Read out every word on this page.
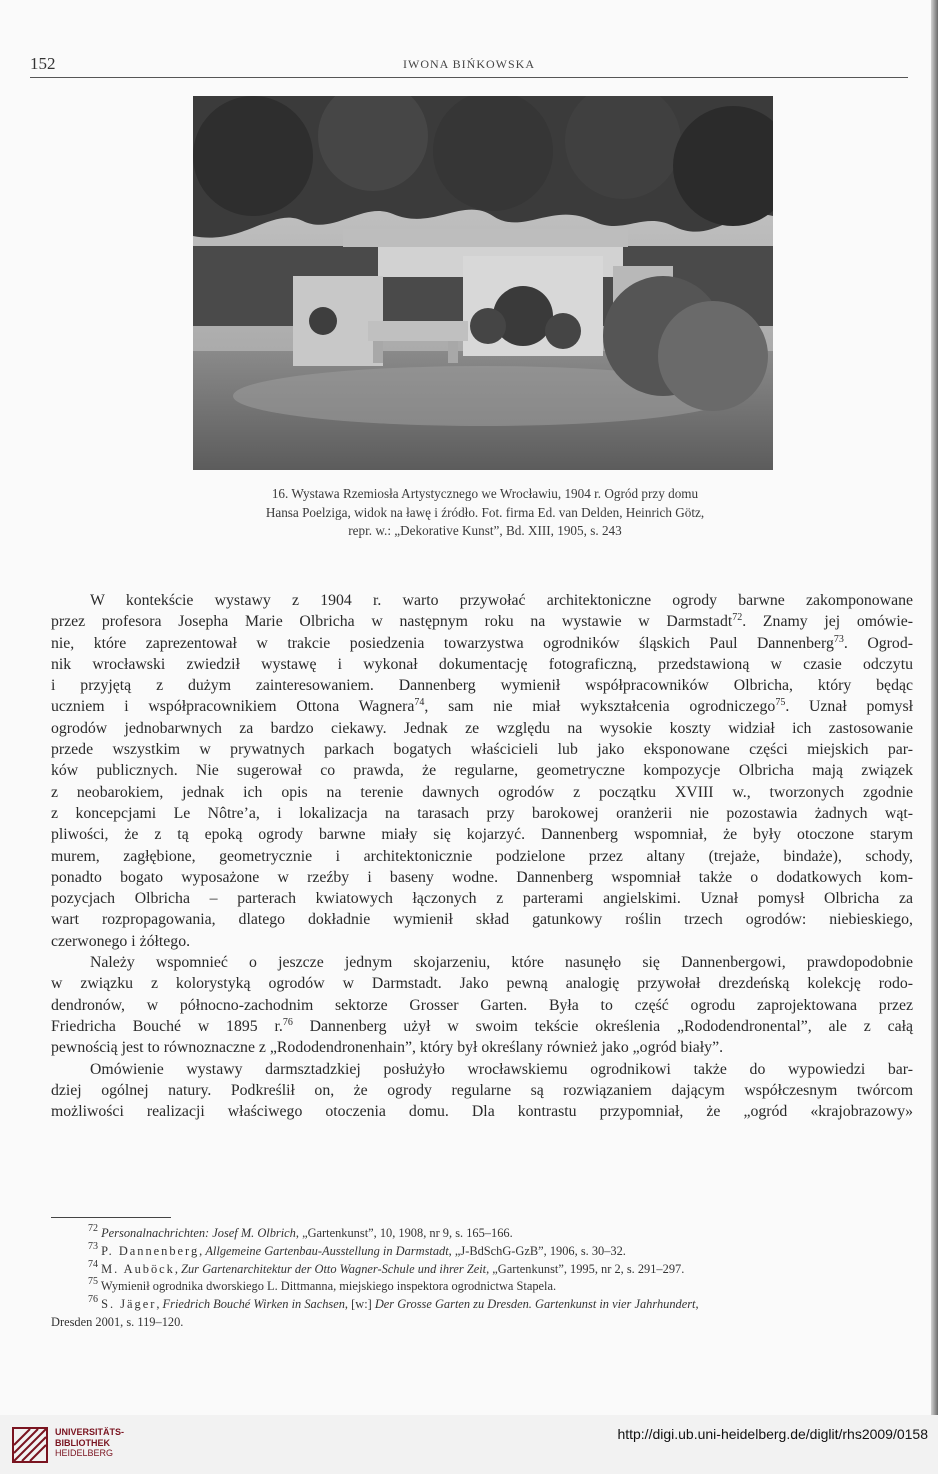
152	IWONA BIŃKOWSKA
16. Wystawa Rzemiosła Artystycznego we Wrocławiu, 1904 r. Ogród przy domu
Hansa Poelziga, widok na ławę i źródło. Fot. firma Ed. van Delden, Heinrich Götz,
repr. w.: „Dekorative Kunst”, Bd. XIII, 1905, s. 243
W kontekście wystawy z 1904 r. warto przywołać architektoniczne ogrody barwne zakomponowane
przez profesora Josepha Marie Olbricha w następnym roku na wystawie w Darmstadt$^{72}$. Znamy jej omówie-
nie, które zaprezentował w trakcie posiedzenia towarzystwa ogrodników śląskich Paul Dannenberg$^{73}$. Ogrod-
nik wrocławski zwiedził wystawę i wykonał dokumentację fotograficzną, przedstawioną w czasie odczytu
i przyjętą z dużym zainteresowaniem. Dannenberg wymienił współpracowników Olbricha, który będąc
uczniem i współpracownikiem Ottona Wagnera$^{74}$, sam nie miał wykształcenia ogrodniczego$^{75}$. Uznał pomysł
ogrodów jednobarwnych za bardzo ciekawy. Jednak ze względu na wysokie koszty widział ich zastosowanie
przede wszystkim w prywatnych parkach bogatych właścicieli lub jako eksponowane części miejskich par-
ków publicznych. Nie sugerował co prawda, że regularne, geometryczne kompozycje Olbricha mają związek
z neobarokiem, jednak ich opis na terenie dawnych ogrodów z początku XVIII w., tworzonych zgodnie
z koncepcjami Le Nôtre’a, i lokalizacja na tarasach przy barokowej oranżerii nie pozostawia żadnych wąt-
pliwości, że z tą epoką ogrody barwne miały się kojarzyć. Dannenberg wspomniał, że były otoczone starym
murem, zagłębione, geometrycznie i architektonicznie podzielone przez altany (trejaże, bindaże), schody,
ponadto bogato wyposażone w rzeźby i baseny wodne. Dannenberg wspomniał także o dodatkowych kom-
pozycjach Olbricha – parterach kwiatowych łączonych z parterami angielskimi. Uznał pomysł Olbricha za
wart rozpropagowania, dlatego dokładnie wymienił skład gatunkowy roślin trzech ogrodów: niebieskiego,
czerwonego i żółtego.
Należy wspomnieć o jeszcze jednym skojarzeniu, które nasunęło się Dannenbergowi, prawdopodobnie
w związku z kolorystyką ogrodów w Darmstadt. Jako pewną analogię przywołał drezdeńską kolekcję rodo-
dendronów, w północno-zachodnim sektorze Grosser Garten. Była to część ogrodu zaprojektowana przez
Friedricha Bouché w 1895 r.$^{76}$ Dannenberg użył w swoim tekście określenia „Rododendronental”, ale z całą
pewnością jest to równoznaczne z „Rododendronenhain”, który był określany również jako „ogród biały”.
Omówienie wystawy darmsztadzkiej posłużyło wrocławskiemu ogrodnikowi także do wypowiedzi bar-
dziej ogólnej natury. Podkreślił on, że ogrody regularne są rozwiązaniem dającym współczesnym twórcom
możliwości realizacji właściwego otoczenia domu. Dla kontrastu przypomniał, że „ogród «krajobrazowy»
$^{72}$ Personalnachrichten: Josef M. Olbrich, „Gartenkunst”, 10, 1908, nr 9, s. 165–166.
$^{73}$ P. Dannenberg, Allgemeine Gartenbau-Ausstellung in Darmstadt, „J-BdSchG-GzB”, 1906, s. 30–32.
$^{74}$ M. Auböck, Zur Gartenarchitektur der Otto Wagner-Schule und ihrer Zeit, „Gartenkunst”, 1995, nr 2, s. 291–297.
$^{75}$ Wymienił ogrodnika dworskiego L. Dittmanna, miejskiego inspektora ogrodnictwa Stapela.
$^{76}$ S. Jäger, Friedrich Bouché Wirken in Sachsen, [w:] Der Grosse Garten zu Dresden. Gartenkunst in vier Jahrhundert,
Dresden 2001, s. 119–120.
UNIVERSITÄTS-
BIBLIOTHEK
HEIDELBERG
http://digi.ub.uni-heidelberg.de/diglit/rhs2009/0158
